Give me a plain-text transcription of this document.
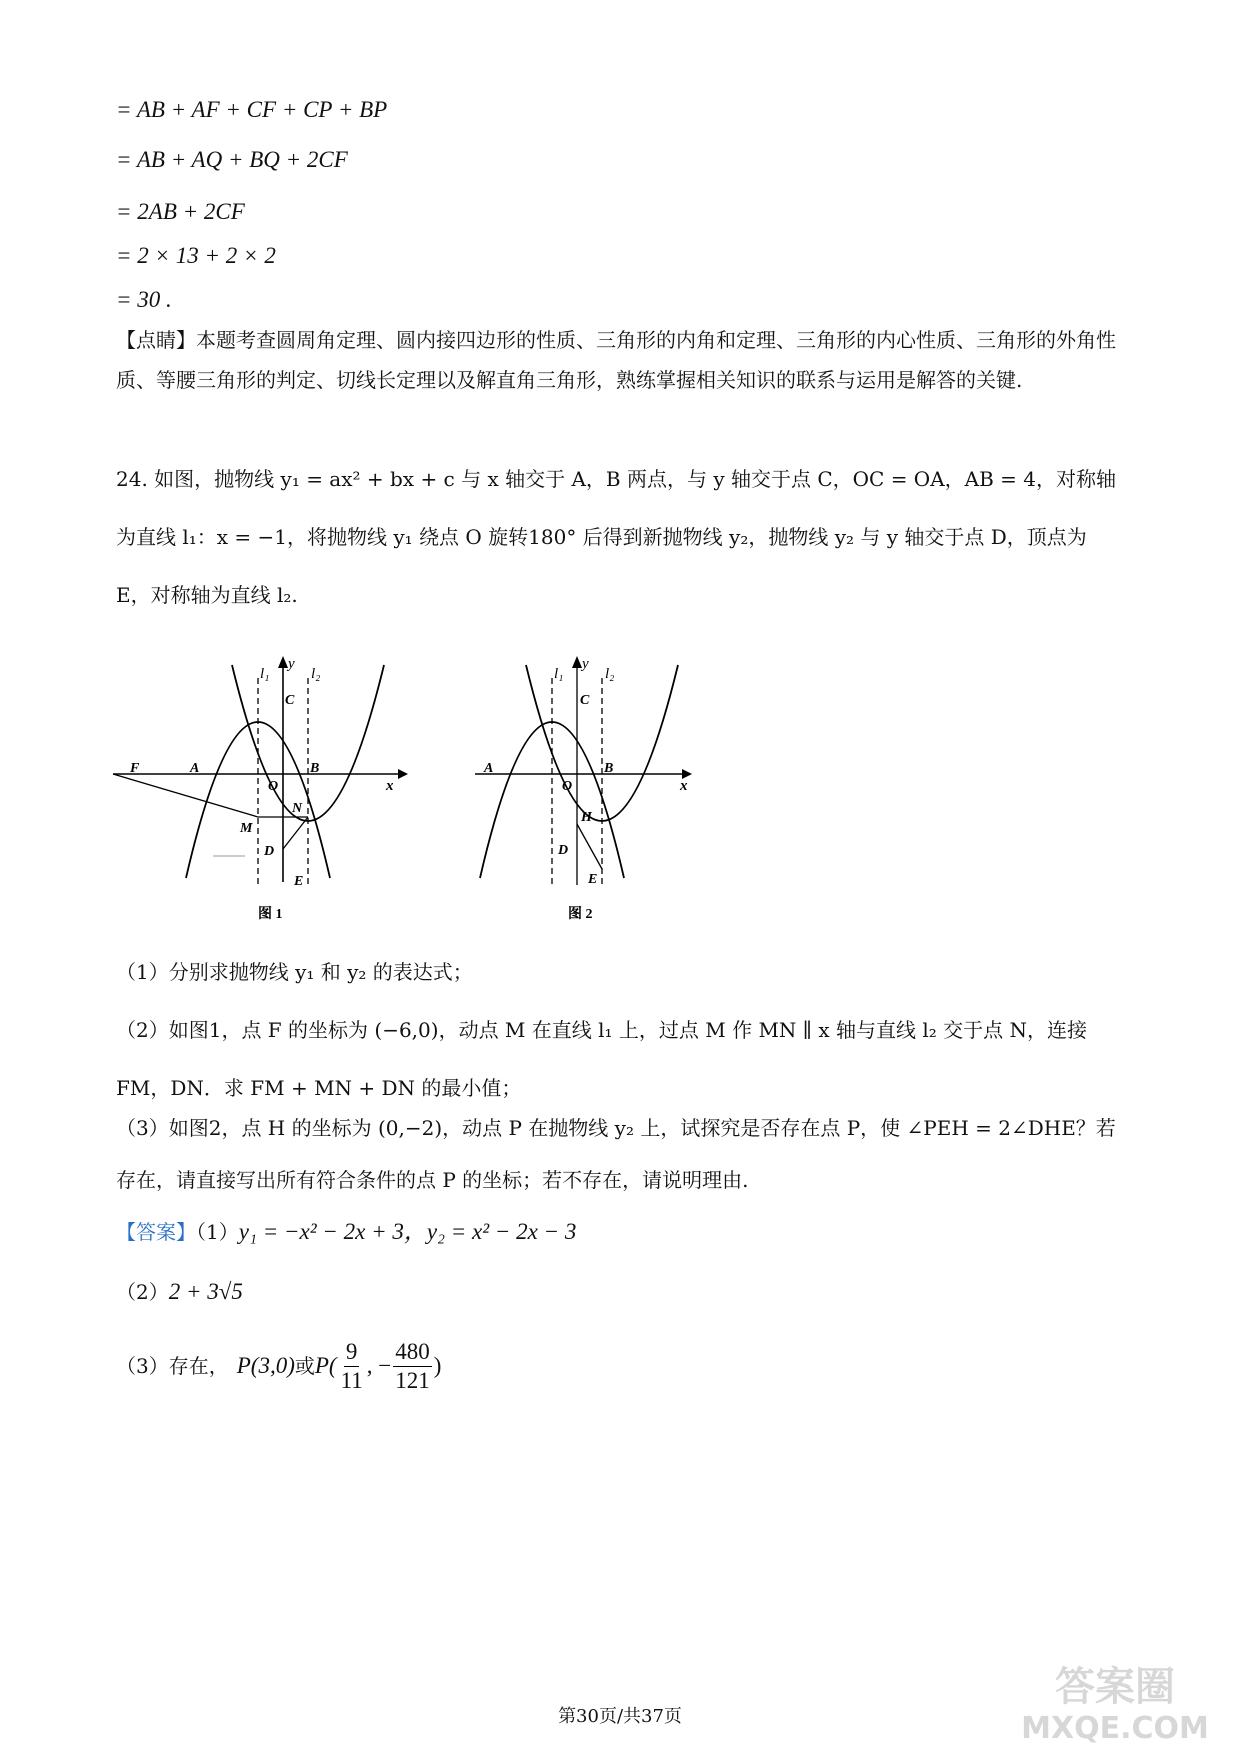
= AB + AF + CF + CP + BP
= AB + AQ + BQ + 2CF
= 2AB + 2CF
= 2 × 13 + 2 × 2
= 30 .
【点睛】本题考查圆周角定理、圆内接四边形的性质、三角形的内角和定理、三角形的内心性质、三角形的外角性质、等腰三角形的判定、切线长定理以及解直角三角形，熟练掌握相关知识的联系与运用是解答的关键.
24. 如图，抛物线 y₁ = ax² + bx + c 与 x 轴交于 A，B 两点，与 y 轴交于点 C，OC = OA，AB = 4，对称轴为直线 l₁：x = −1，将抛物线 y₁ 绕点 O 旋转180° 后得到新抛物线 y₂，抛物线 y₂ 与 y 轴交于点 D，顶点为 E，对称轴为直线 l₂.
l₁
y
l₂
C
F	A	B
x
O
N
M
D
E
图 1
l₁
y
l₂
C
A	B
x
O
H
D
E
图 2
（1）分别求抛物线 y₁ 和 y₂ 的表达式；
（2）如图1，点 F 的坐标为 (−6,0)，动点 M 在直线 l₁ 上，过点 M 作 MN ∥ x 轴与直线 l₂ 交于点 N，连接 FM，DN．求 FM + MN + DN 的最小值；
（3）如图2，点 H 的坐标为 (0,−2)，动点 P 在抛物线 y₂ 上，试探究是否存在点 P，使 ∠PEH = 2∠DHE？若存在，请直接写出所有符合条件的点 P 的坐标；若不存在，请说明理由.
【答案】（1）y₁ = −x² − 2x + 3，y₂ = x² − 2x − 3
（2）2 + 3√5
（3） 存在， P(3,0) 或 $P( \frac{9}{11}$ , − $\frac{480}{121}$ )
第30页/共37页
答案圈
MXQE.COM
